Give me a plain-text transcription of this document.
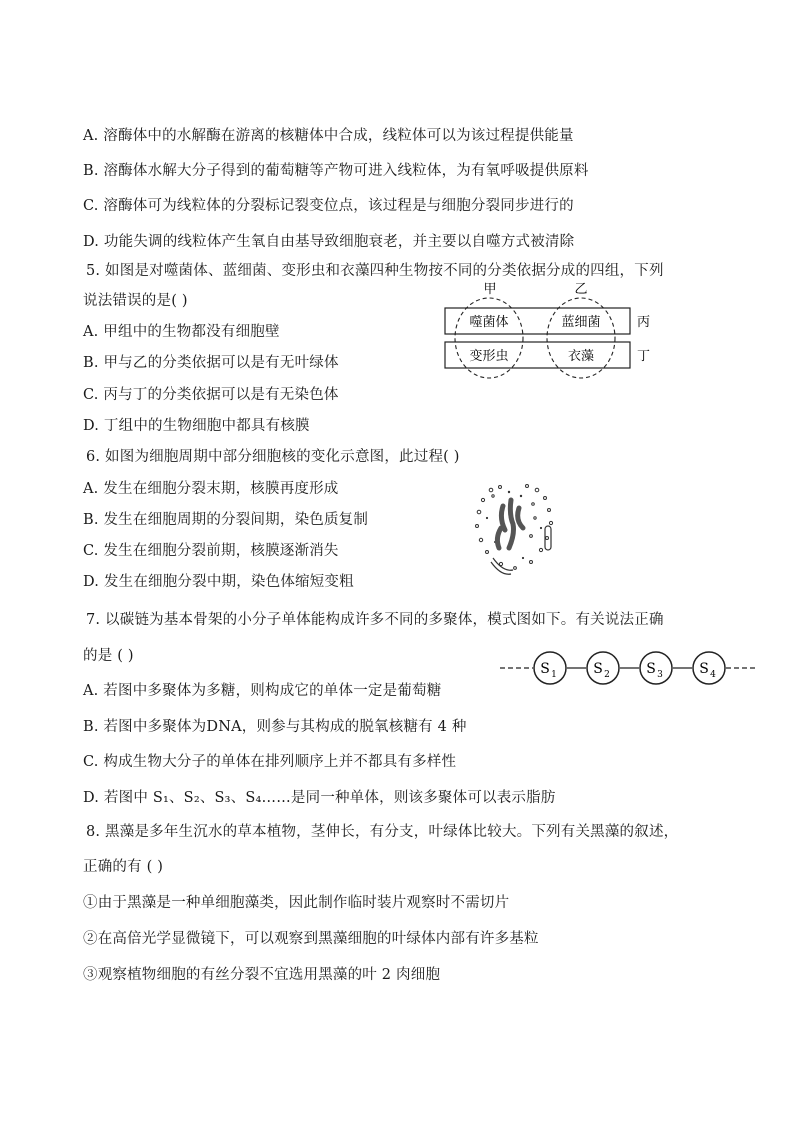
A. 溶酶体中的水解酶在游离的核糖体中合成，线粒体可以为该过程提供能量
B. 溶酶体水解大分子得到的葡萄糖等产物可进入线粒体，为有氧呼吸提供原料
C. 溶酶体可为线粒体的分裂标记裂变位点，该过程是与细胞分裂同步进行的
D. 功能失调的线粒体产生氧自由基导致细胞衰老，并主要以自噬方式被清除
5. 如图是对噬菌体、蓝细菌、变形虫和衣藻四种生物按不同的分类依据分成的四组，下列
说法错误的是( )
A. 甲组中的生物都没有细胞壁
B. 甲与乙的分类依据可以是有无叶绿体
C. 丙与丁的分类依据可以是有无染色体
D. 丁组中的生物细胞中都具有核膜
甲	乙
噬菌体	蓝细菌
变形虫	衣藻
丙
丁
6. 如图为细胞周期中部分细胞核的变化示意图，此过程( )
A. 发生在细胞分裂末期，核膜再度形成
B. 发生在细胞周期的分裂间期，染色质复制
C. 发生在细胞分裂前期，核膜逐渐消失
D. 发生在细胞分裂中期，染色体缩短变粗
7. 以碳链为基本骨架的小分子单体能构成许多不同的多聚体，模式图如下。有关说法正确
的是 ( )
A. 若图中多聚体为多糖，则构成它的单体一定是葡萄糖
B. 若图中多聚体为DNA，则参与其构成的脱氧核糖有 4 种
C. 构成生物大分子的单体在排列顺序上并不都具有多样性
D. 若图中 S₁、S₂、S₃、S₄……是同一种单体，则该多聚体可以表示脂肪
S 1	S 2	S 3	S 4
8. 黑藻是多年生沉水的草本植物，茎伸长，有分支，叶绿体比较大。下列有关黑藻的叙述，
正确的有 ( )
①由于黑藻是一种单细胞藻类，因此制作临时装片观察时不需切片
②在高倍光学显微镜下，可以观察到黑藻细胞的叶绿体内部有许多基粒
③观察植物细胞的有丝分裂不宜选用黑藻的叶 2 肉细胞
